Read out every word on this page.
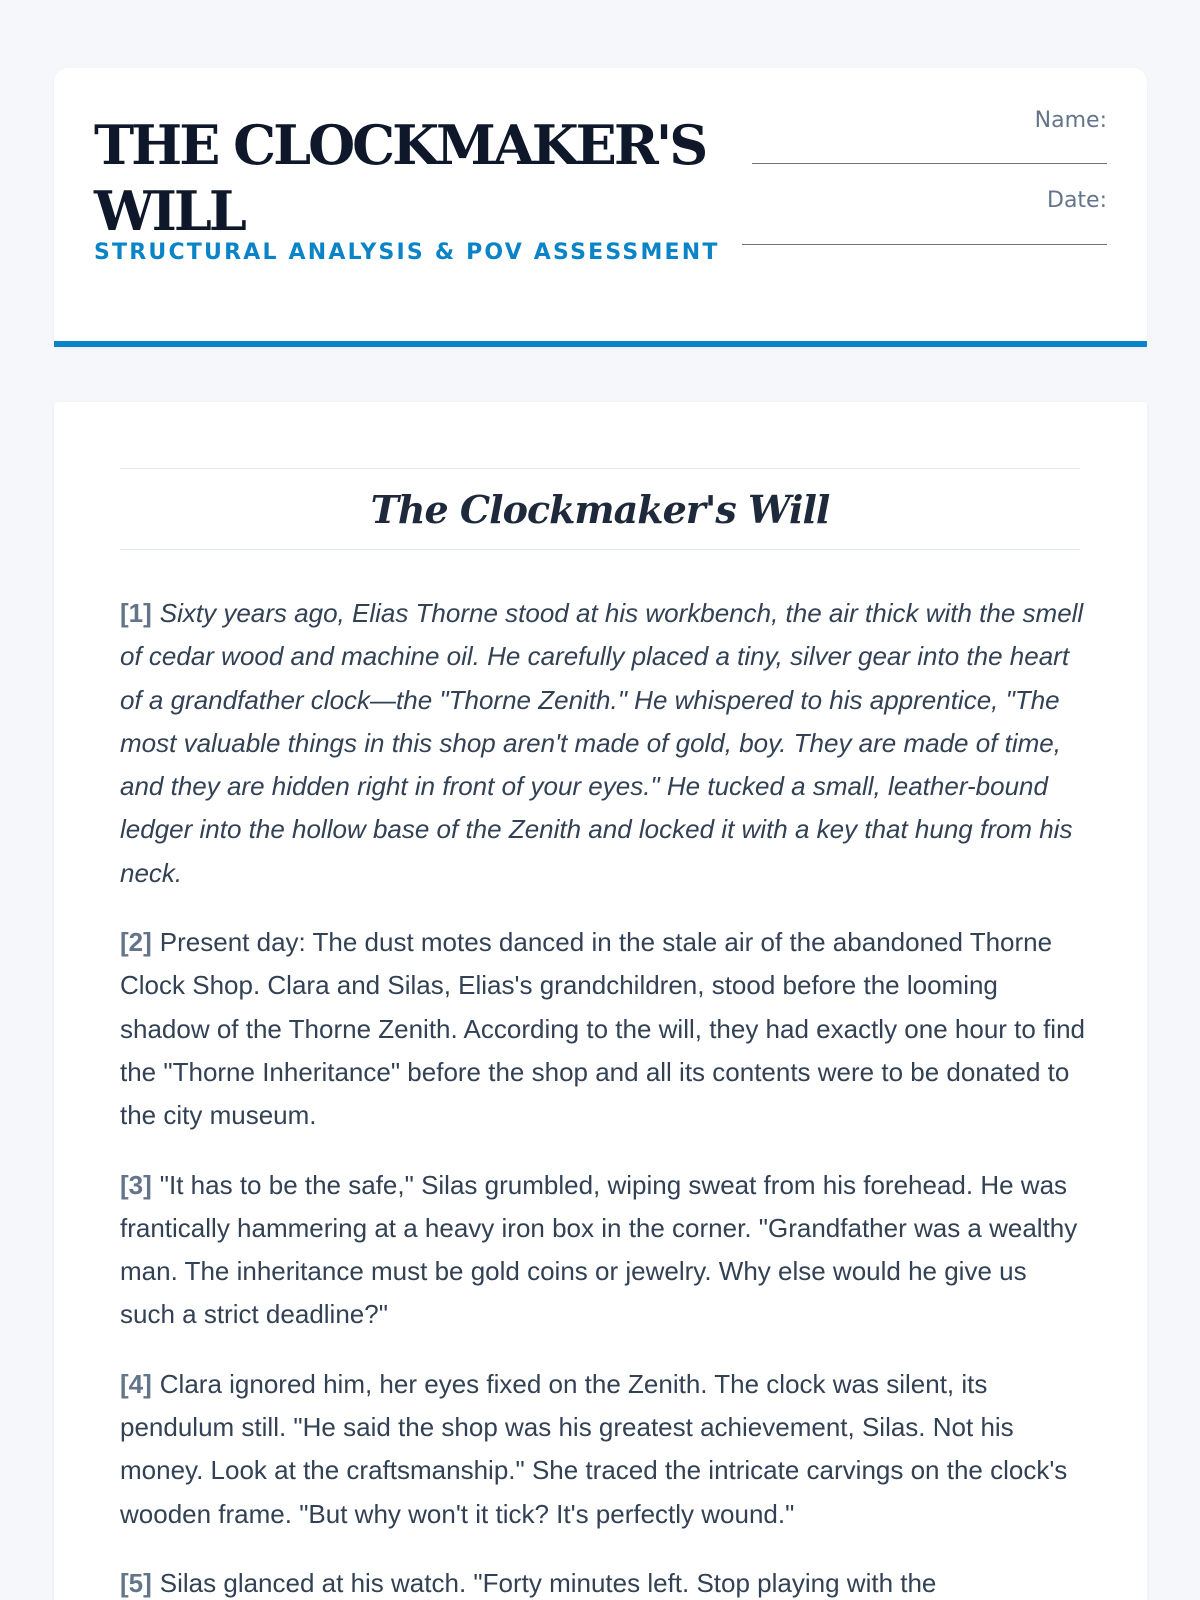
THE CLOCKMAKER'S WILL
STRUCTURAL ANALYSIS & POV ASSESSMENT
Name:
Date:
The Clockmaker's Will

[1] Sixty years ago, Elias Thorne stood at his workbench, the air thick with the smell of cedar wood and machine oil. He carefully placed a tiny, silver gear into the heart of a grandfather clock—the "Thorne Zenith." He whispered to his apprentice, "The most valuable things in this shop aren't made of gold, boy. They are made of time, and they are hidden right in front of your eyes." He tucked a small, leather-bound ledger into the hollow base of the Zenith and locked it with a key that hung from his neck.

[2] Present day: The dust motes danced in the stale air of the abandoned Thorne Clock Shop. Clara and Silas, Elias's grandchildren, stood before the looming shadow of the Thorne Zenith. According to the will, they had exactly one hour to find the "Thorne Inheritance" before the shop and all its contents were to be donated to the city museum.

[3] "It has to be the safe," Silas grumbled, wiping sweat from his forehead. He was frantically hammering at a heavy iron box in the corner. "Grandfather was a wealthy man. The inheritance must be gold coins or jewelry. Why else would he give us such a strict deadline?"

[4] Clara ignored him, her eyes fixed on the Zenith. The clock was silent, its pendulum still. "He said the shop was his greatest achievement, Silas. Not his money. Look at the craftsmanship." She traced the intricate carvings on the clock's wooden frame. "But why won't it tick? It's perfectly wound."

[5] Silas glanced at his watch. "Forty minutes left. Stop playing with the
